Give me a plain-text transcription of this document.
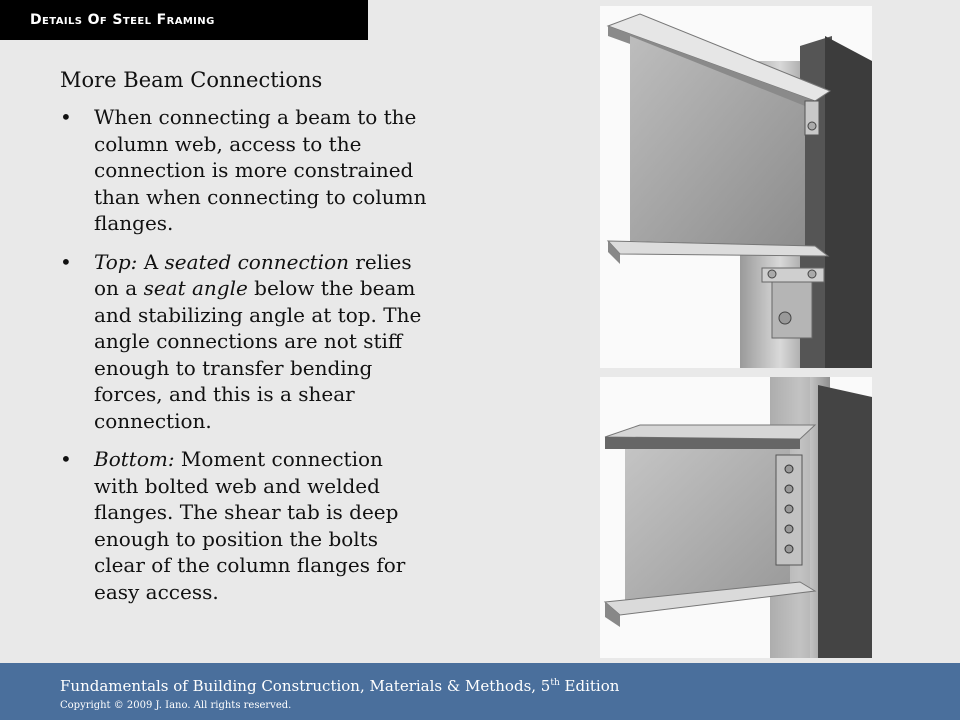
Details Of Steel Framing
More Beam Connections
• When connecting a beam to the column web, access to the connection is more constrained than when connecting to column flanges.
• Top: A seated connection relies on a seat angle below the beam and stabilizing angle at top. The angle connections are not stiff enough to transfer bending forces, and this is a shear connection.
• Bottom: Moment connection with bolted web and welded flanges. The shear tab is deep enough to position the bolts clear of the column flanges for easy access.
Fundamentals of Building Construction, Materials & Methods, 5th Edition
Copyright © 2009 J. Iano. All rights reserved.
